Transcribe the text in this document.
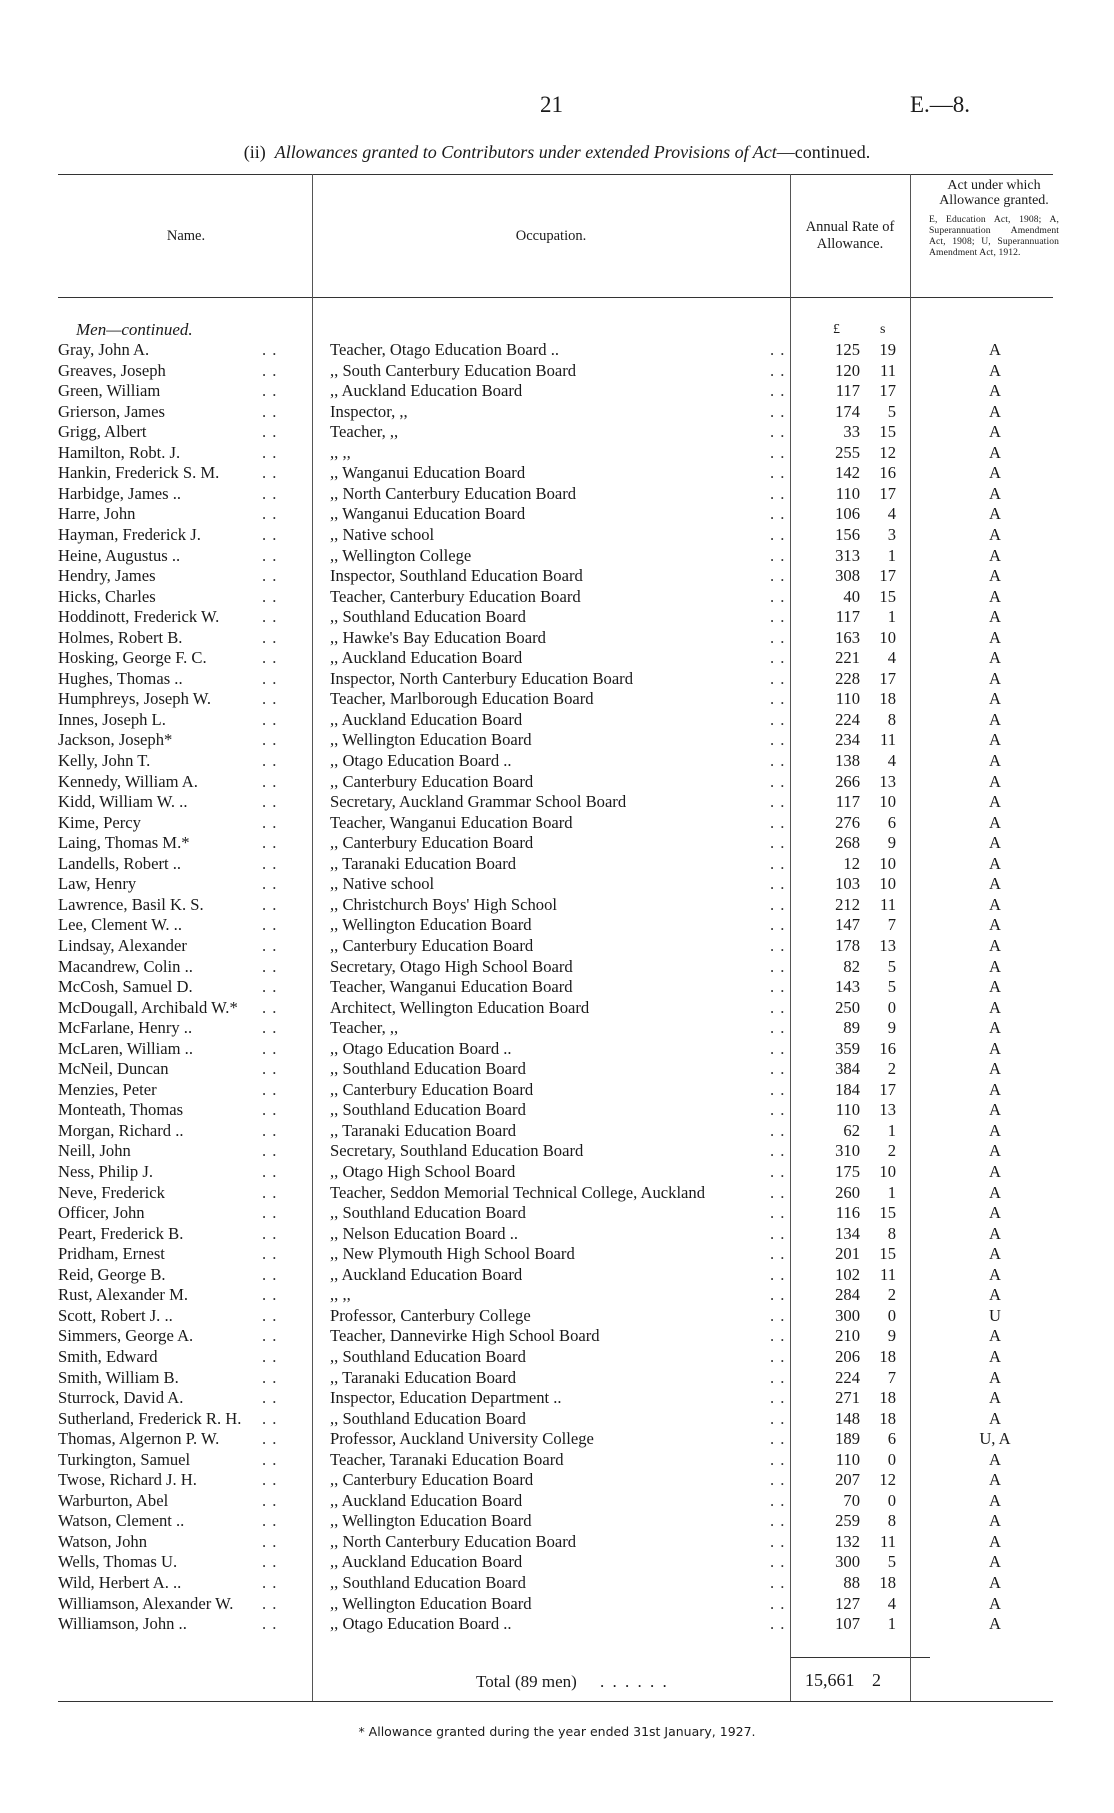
21	E.—8.
(ii) Allowances granted to Contributors under extended Provisions of Act—continued.
Name.	Occupation.
Annual Rate of Allowance.
Act under which Allowance granted.
E, Education Act, 1908; A, Superannuation Amendment Act, 1908; U, Superannuation Amendment Act, 1912.
Men—continued.	£	s
Gray, John A.	. .	Teacher, Otago Education Board ..	. .	125	19	A
Greaves, Joseph	. .	,, South Canterbury Education Board	. .	120	11	A
Green, William	. .	,, Auckland Education Board	. .	117	17	A
Grierson, James	. .	Inspector, ,,	. .	174	5	A
Grigg, Albert	. .	Teacher, ,,	. .	33	15	A
Hamilton, Robt. J.	. .	,, ,,	. .	255	12	A
Hankin, Frederick S. M.	. .	,, Wanganui Education Board	. .	142	16	A
Harbidge, James ..	. .	,, North Canterbury Education Board	. .	110	17	A
Harre, John	. .	,, Wanganui Education Board	. .	106	4	A
Hayman, Frederick J.	. .	,, Native school	. .	156	3	A
Heine, Augustus ..	. .	,, Wellington College	. .	313	1	A
Hendry, James	. .	Inspector, Southland Education Board	. .	308	17	A
Hicks, Charles	. .	Teacher, Canterbury Education Board	. .	40	15	A
Hoddinott, Frederick W.	. .	,, Southland Education Board	. .	117	1	A
Holmes, Robert B.	. .	,, Hawke's Bay Education Board	. .	163	10	A
Hosking, George F. C.	. .	,, Auckland Education Board	. .	221	4	A
Hughes, Thomas ..	. .	Inspector, North Canterbury Education Board	. .	228	17	A
Humphreys, Joseph W.	. .	Teacher, Marlborough Education Board	. .	110	18	A
Innes, Joseph L.	. .	,, Auckland Education Board	. .	224	8	A
Jackson, Joseph*	. .	,, Wellington Education Board	. .	234	11	A
Kelly, John T.	. .	,, Otago Education Board ..	. .	138	4	A
Kennedy, William A.	. .	,, Canterbury Education Board	. .	266	13	A
Kidd, William W. ..	. .	Secretary, Auckland Grammar School Board	. .	117	10	A
Kime, Percy	. .	Teacher, Wanganui Education Board	. .	276	6	A
Laing, Thomas M.*	. .	,, Canterbury Education Board	. .	268	9	A
Landells, Robert ..	. .	,, Taranaki Education Board	. .	12	10	A
Law, Henry	. .	,, Native school	. .	103	10	A
Lawrence, Basil K. S.	. .	,, Christchurch Boys' High School	. .	212	11	A
Lee, Clement W. ..	. .	,, Wellington Education Board	. .	147	7	A
Lindsay, Alexander	. .	,, Canterbury Education Board	. .	178	13	A
Macandrew, Colin ..	. .	Secretary, Otago High School Board	. .	82	5	A
McCosh, Samuel D.	. .	Teacher, Wanganui Education Board	. .	143	5	A
McDougall, Archibald W.* . .	Architect, Wellington Education Board	. .	250	0	A
McFarlane, Henry ..	. .	Teacher, ,,	. .	89	9	A
McLaren, William ..	. .	,, Otago Education Board ..	. .	359	16	A
McNeil, Duncan	. .	,, Southland Education Board	. .	384	2	A
Menzies, Peter	. .	,, Canterbury Education Board	. .	184	17	A
Monteath, Thomas	. .	,, Southland Education Board	. .	110	13	A
Morgan, Richard ..	. .	,, Taranaki Education Board	. .	62	1	A
Neill, John	. .	Secretary, Southland Education Board	. .	310	2	A
Ness, Philip J.	. .	,, Otago High School Board	. .	175	10	A
Neve, Frederick	. .	Teacher, Seddon Memorial Technical College, Auckland	. .	260	1	A
Officer, John	. .	,, Southland Education Board	. .	116	15	A
Peart, Frederick B.	. .	,, Nelson Education Board ..	. .	134	8	A
Pridham, Ernest	. .	,, New Plymouth High School Board	. .	201	15	A
Reid, George B.	. .	,, Auckland Education Board	. .	102	11	A
Rust, Alexander M.	. .	,, ,,	. .	284	2	A
Scott, Robert J. ..	. .	Professor, Canterbury College	. .	300	0	U
Simmers, George A.	. .	Teacher, Dannevirke High School Board	. .	210	9	A
Smith, Edward	. .	,, Southland Education Board	. .	206	18	A
Smith, William B.	. .	,, Taranaki Education Board	. .	224	7	A
Sturrock, David A.	. .	Inspector, Education Department ..	. .	271	18	A
Sutherland, Frederick R. H. . .	,, Southland Education Board	. .	148	18	A
Thomas, Algernon P. W.	. .	Professor, Auckland University College	. .	189	6	U, A
Turkington, Samuel	. .	Teacher, Taranaki Education Board	. .	110	0	A
Twose, Richard J. H.	. .	,, Canterbury Education Board	. .	207	12	A
Warburton, Abel	. .	,, Auckland Education Board	. .	70	0	A
Watson, Clement ..	. .	,, Wellington Education Board	. .	259	8	A
Watson, John	. .	,, North Canterbury Education Board	. .	132	11	A
Wells, Thomas U.	. .	,, Auckland Education Board	. .	300	5	A
Wild, Herbert A. ..	. .	,, Southland Education Board	. .	88	18	A
Williamson, Alexander W. . .	,, Wellington Education Board	. .	127	4	A
Williamson, John ..	. .	,, Otago Education Board ..	. .	107	1	A
Total (89 men) . . . . . .	15,661 2
* Allowance granted during the year ended 31st January, 1927.
